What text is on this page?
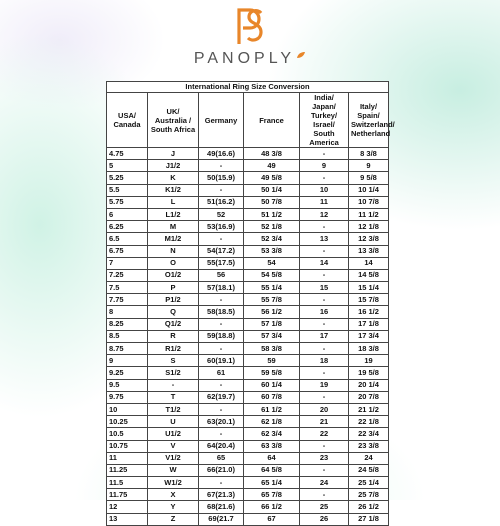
PANOPLY
International Ring Size Conversion					
USA/ Canada	UK/ Australia / South Africa	Germany	France	India/ Japan/ Turkey/ Israel/ South America	Italy/ Spain/ Switzerland/ Netherland
4.75	J	49(16.6)	48 3/8	-	8 3/8
5	J1/2	-	49	9	9
5.25	K	50(15.9)	49 5/8	-	9 5/8
5.5	K1/2	-	50 1/4	10	10 1/4
5.75	L	51(16.2)	50 7/8	11	10 7/8
6	L1/2	52	51 1/2	12	11 1/2
6.25	M	53(16.9)	52 1/8	-	12 1/8
6.5	M1/2	-	52 3/4	13	12 3/8
6.75	N	54(17.2)	53 3/8	-	13 3/8
7	O	55(17.5)	54	14	14
7.25	O1/2	56	54 5/8	-	14 5/8
7.5	P	57(18.1)	55 1/4	15	15 1/4
7.75	P1/2	-	55 7/8	-	15 7/8
8	Q	58(18.5)	56 1/2	16	16 1/2
8.25	Q1/2	-	57 1/8	-	17 1/8
8.5	R	59(18.8)	57 3/4	17	17 3/4
8.75	R1/2	-	58 3/8	-	18 3/8
9	S	60(19.1)	59	18	19
9.25	S1/2	61	59 5/8	-	19 5/8
9.5	-	-	60 1/4	19	20 1/4
9.75	T	62(19.7)	60 7/8	-	20 7/8
10	T1/2	-	61 1/2	20	21 1/2
10.25	U	63(20.1)	62 1/8	21	22 1/8
10.5	U1/2	-	62 3/4	22	22 3/4
10.75	V	64(20.4)	63 3/8	-	23 3/8
11	V1/2	65	64	23	24
11.25	W	66(21.0)	64 5/8	-	24 5/8
11.5	W1/2	-	65 1/4	24	25 1/4
11.75	X	67(21.3)	65 7/8	-	25 7/8
12	Y	68(21.6)	66 1/2	25	26 1/2
13	Z	69(21.7	67	26	27 1/8
